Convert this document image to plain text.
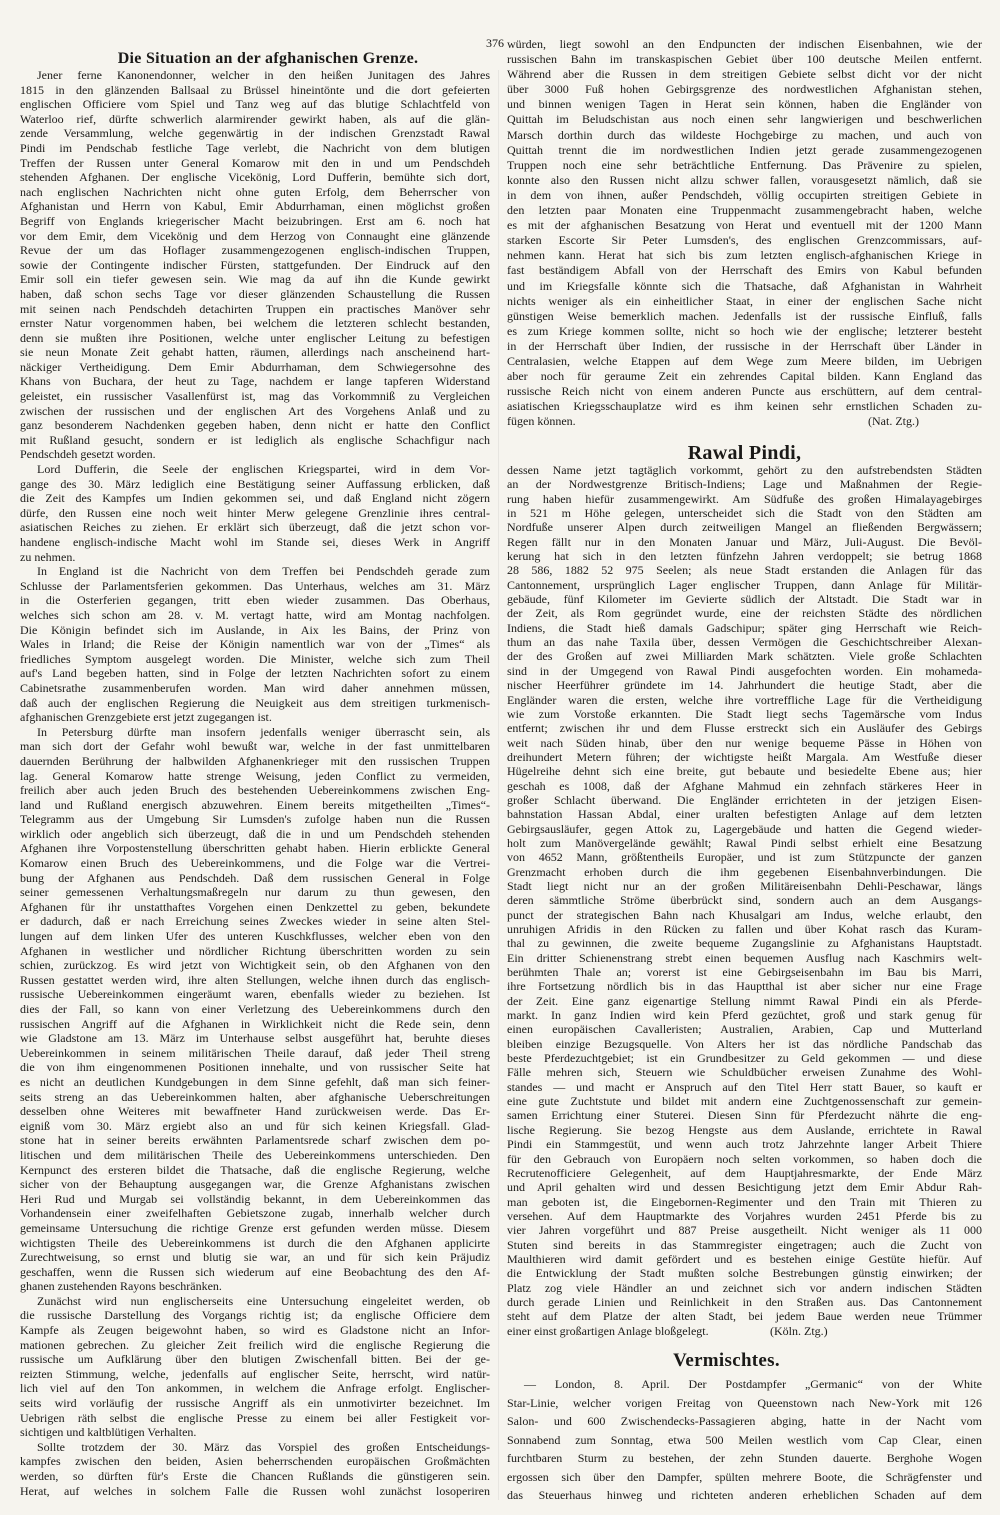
376
Die Situation an der afghanischen Grenze.
Jener ferne Kanonendonner, welcher in den heißen Junitagen des Jahres
1815 in den glänzenden Ballsaal zu Brüssel hineintönte und die dort gefeierten
englischen Officiere vom Spiel und Tanz weg auf das blutige Schlachtfeld von
Waterloo rief, dürfte schwerlich alarmirender gewirkt haben, als auf die glän-
zende Versammlung, welche gegenwärtig in der indischen Grenzstadt Rawal
Pindi im Pendschab festliche Tage verlebt, die Nachricht von dem blutigen
Treffen der Russen unter General Komarow mit den in und um Pendschdeh
stehenden Afghanen. Der englische Vicekönig, Lord Dufferin, bemühte sich dort,
nach englischen Nachrichten nicht ohne guten Erfolg, dem Beherrscher von
Afghanistan und Herrn von Kabul, Emir Abdurrhaman, einen möglichst großen
Begriff von Englands kriegerischer Macht beizubringen. Erst am 6. noch hat
vor dem Emir, dem Vicekönig und dem Herzog von Connaught eine glänzende
Revue der um das Hoflager zusammengezogenen englisch-indischen Truppen,
sowie der Contingente indischer Fürsten, stattgefunden. Der Eindruck auf den
Emir soll ein tiefer gewesen sein. Wie mag da auf ihn die Kunde gewirkt
haben, daß schon sechs Tage vor dieser glänzenden Schaustellung die Russen
mit seinen nach Pendschdeh detachirten Truppen ein practisches Manöver sehr
ernster Natur vorgenommen haben, bei welchem die letzteren schlecht bestanden,
denn sie mußten ihre Positionen, welche unter englischer Leitung zu befestigen
sie neun Monate Zeit gehabt hatten, räumen, allerdings nach anscheinend hart-
näckiger Vertheidigung. Dem Emir Abdurrhaman, dem Schwiegersohne des
Khans von Buchara, der heut zu Tage, nachdem er lange tapferen Widerstand
geleistet, ein russischer Vasallenfürst ist, mag das Vorkommniß zu Vergleichen
zwischen der russischen und der englischen Art des Vorgehens Anlaß und zu
ganz besonderem Nachdenken gegeben haben, denn nicht er hatte den Conflict
mit Rußland gesucht, sondern er ist lediglich als englische Schachfigur nach
Pendschdeh gesetzt worden.
Lord Dufferin, die Seele der englischen Kriegspartei, wird in dem Vor-
gange des 30. März lediglich eine Bestätigung seiner Auffassung erblicken, daß
die Zeit des Kampfes um Indien gekommen sei, und daß England nicht zögern
dürfe, den Russen eine noch weit hinter Merw gelegene Grenzlinie ihres central-
asiatischen Reiches zu ziehen. Er erklärt sich überzeugt, daß die jetzt schon vor-
handene englisch-indische Macht wohl im Stande sei, dieses Werk in Angriff
zu nehmen.
In England ist die Nachricht von dem Treffen bei Pendschdeh gerade zum
Schlusse der Parlamentsferien gekommen. Das Unterhaus, welches am 31. März
in die Osterferien gegangen, tritt eben wieder zusammen. Das Oberhaus,
welches sich schon am 28. v. M. vertagt hatte, wird am Montag nachfolgen.
Die Königin befindet sich im Auslande, in Aix les Bains, der Prinz von
Wales in Irland; die Reise der Königin namentlich war von der „Times“ als
friedliches Symptom ausgelegt worden. Die Minister, welche sich zum Theil
auf's Land begeben hatten, sind in Folge der letzten Nachrichten sofort zu einem
Cabinetsrathe zusammenberufen worden. Man wird daher annehmen müssen,
daß auch der englischen Regierung die Neuigkeit aus dem streitigen turkmenisch-
afghanischen Grenzgebiete erst jetzt zugegangen ist.
In Petersburg dürfte man insofern jedenfalls weniger überrascht sein, als
man sich dort der Gefahr wohl bewußt war, welche in der fast unmittelbaren
dauernden Berührung der halbwilden Afghanenkrieger mit den russischen Truppen
lag. General Komarow hatte strenge Weisung, jeden Conflict zu vermeiden,
freilich aber auch jeden Bruch des bestehenden Uebereinkommens zwischen Eng-
land und Rußland energisch abzuwehren. Einem bereits mitgetheilten „Times“-
Telegramm aus der Umgebung Sir Lumsden's zufolge haben nun die Russen
wirklich oder angeblich sich überzeugt, daß die in und um Pendschdeh stehenden
Afghanen ihre Vorpostenstellung überschritten gehabt haben. Hierin erblickte General
Komarow einen Bruch des Uebereinkommens, und die Folge war die Vertrei-
bung der Afghanen aus Pendschdeh. Daß dem russischen General in Folge
seiner gemessenen Verhaltungsmaßregeln nur darum zu thun gewesen, den
Afghanen für ihr unstatthaftes Vorgehen einen Denkzettel zu geben, bekundete
er dadurch, daß er nach Erreichung seines Zweckes wieder in seine alten Stel-
lungen auf dem linken Ufer des unteren Kuschkflusses, welcher eben von den
Afghanen in westlicher und nördlicher Richtung überschritten worden zu sein
schien, zurückzog. Es wird jetzt von Wichtigkeit sein, ob den Afghanen von den
Russen gestattet werden wird, ihre alten Stellungen, welche ihnen durch das englisch-
russische Uebereinkommen eingeräumt waren, ebenfalls wieder zu beziehen. Ist
dies der Fall, so kann von einer Verletzung des Uebereinkommens durch den
russischen Angriff auf die Afghanen in Wirklichkeit nicht die Rede sein, denn
wie Gladstone am 13. März im Unterhause selbst ausgeführt hat, beruhte dieses
Uebereinkommen in seinem militärischen Theile darauf, daß jeder Theil streng
die von ihm eingenommenen Positionen innehalte, und von russischer Seite hat
es nicht an deutlichen Kundgebungen in dem Sinne gefehlt, daß man sich feiner-
seits streng an das Uebereinkommen halten, aber afghanische Ueberschreitungen
desselben ohne Weiteres mit bewaffneter Hand zurückweisen werde. Das Er-
eigniß vom 30. März ergiebt also an und für sich keinen Kriegsfall. Glad-
stone hat in seiner bereits erwähnten Parlamentsrede scharf zwischen dem po-
litischen und dem militärischen Theile des Uebereinkommens unterschieden. Den
Kernpunct des ersteren bildet die Thatsache, daß die englische Regierung, welche
sicher von der Behauptung ausgegangen war, die Grenze Afghanistans zwischen
Heri Rud und Murgab sei vollständig bekannt, in dem Uebereinkommen das
Vorhandensein einer zweifelhaften Gebietszone zugab, innerhalb welcher durch
gemeinsame Untersuchung die richtige Grenze erst gefunden werden müsse. Diesem
wichtigsten Theile des Uebereinkommens ist durch die den Afghanen applicirte
Zurechtweisung, so ernst und blutig sie war, an und für sich kein Präjudiz
geschaffen, wenn die Russen sich wiederum auf eine Beobachtung des den Af-
ghanen zustehenden Rayons beschränken.
Zunächst wird nun englischerseits eine Untersuchung eingeleitet werden, ob
die russische Darstellung des Vorgangs richtig ist; da englische Officiere dem
Kampfe als Zeugen beigewohnt haben, so wird es Gladstone nicht an Infor-
mationen gebrechen. Zu gleicher Zeit freilich wird die englische Regierung die
russische um Aufklärung über den blutigen Zwischenfall bitten. Bei der ge-
reizten Stimmung, welche, jedenfalls auf englischer Seite, herrscht, wird natür-
lich viel auf den Ton ankommen, in welchem die Anfrage erfolgt. Englischer-
seits wird vorläufig der russische Angriff als ein unmotivirter bezeichnet. Im
Uebrigen räth selbst die englische Presse zu einem bei aller Festigkeit vor-
sichtigen und kaltblütigen Verhalten.
Sollte trotzdem der 30. März das Vorspiel des großen Entscheidungs-
kampfes zwischen den beiden, Asien beherrschenden europäischen Großmächten
werden, so dürften für's Erste die Chancen Rußlands die günstigeren sein.
Herat, auf welches in solchem Falle die Russen wohl zunächst losoperiren
würden, liegt sowohl an den Endpuncten der indischen Eisenbahnen, wie der
russischen Bahn im transkaspischen Gebiet über 100 deutsche Meilen entfernt.
Während aber die Russen in dem streitigen Gebiete selbst dicht vor der nicht
über 3000 Fuß hohen Gebirgsgrenze des nordwestlichen Afghanistan stehen,
und binnen wenigen Tagen in Herat sein können, haben die Engländer von
Quittah im Beludschistan aus noch einen sehr langwierigen und beschwerlichen
Marsch dorthin durch das wildeste Hochgebirge zu machen, und auch von
Quittah trennt die im nordwestlichen Indien jetzt gerade zusammengezogenen
Truppen noch eine sehr beträchtliche Entfernung. Das Prävenire zu spielen,
konnte also den Russen nicht allzu schwer fallen, vorausgesetzt nämlich, daß sie
in dem von ihnen, außer Pendschdeh, völlig occupirten streitigen Gebiete in
den letzten paar Monaten eine Truppenmacht zusammengebracht haben, welche
es mit der afghanischen Besatzung von Herat und eventuell mit der 1200 Mann
starken Escorte Sir Peter Lumsden's, des englischen Grenzcommissars, auf-
nehmen kann. Herat hat sich bis zum letzten englisch-afghanischen Kriege in
fast beständigem Abfall von der Herrschaft des Emirs von Kabul befunden
und im Kriegsfalle könnte sich die Thatsache, daß Afghanistan in Wahrheit
nichts weniger als ein einheitlicher Staat, in einer der englischen Sache nicht
günstigen Weise bemerklich machen. Jedenfalls ist der russische Einfluß, falls
es zum Kriege kommen sollte, nicht so hoch wie der englische; letzterer besteht
in der Herrschaft über Indien, der russische in der Herrschaft über Länder in
Centralasien, welche Etappen auf dem Wege zum Meere bilden, im Uebrigen
aber noch für geraume Zeit ein zehrendes Capital bilden. Kann England das
russische Reich nicht von einem anderen Puncte aus erschüttern, auf dem central-
asiatischen Kriegsschauplatze wird es ihm keinen sehr ernstlichen Schaden zu-
fügen können.	(Nat. Ztg.)
Rawal Pindi,
dessen Name jetzt tagtäglich vorkommt, gehört zu den aufstrebendsten Städten
an der Nordwestgrenze Britisch-Indiens; Lage und Maßnahmen der Regie-
rung haben hiefür zusammengewirkt. Am Südfuße des großen Himalayagebirges
in 521 m Höhe gelegen, unterscheidet sich die Stadt von den Städten am
Nordfuße unserer Alpen durch zeitweiligen Mangel an fließenden Bergwässern;
Regen fällt nur in den Monaten Januar und März, Juli-August. Die Bevöl-
kerung hat sich in den letzten fünfzehn Jahren verdoppelt; sie betrug 1868
28 586, 1882 52 975 Seelen; als neue Stadt erstanden die Anlagen für das
Cantonnement, ursprünglich Lager englischer Truppen, dann Anlage für Militär-
gebäude, fünf Kilometer im Gevierte südlich der Altstadt. Die Stadt war in
der Zeit, als Rom gegründet wurde, eine der reichsten Städte des nördlichen
Indiens, die Stadt hieß damals Gadschipur; später ging Herrschaft wie Reich-
thum an das nahe Taxila über, dessen Vermögen die Geschichtschreiber Alexan-
der des Großen auf zwei Milliarden Mark schätzten. Viele große Schlachten
sind in der Umgegend von Rawal Pindi ausgefochten worden. Ein mohameda-
nischer Heerführer gründete im 14. Jahrhundert die heutige Stadt, aber die
Engländer waren die ersten, welche ihre vortreffliche Lage für die Vertheidigung
wie zum Vorstoße erkannten. Die Stadt liegt sechs Tagemärsche vom Indus
entfernt; zwischen ihr und dem Flusse erstreckt sich ein Ausläufer des Gebirgs
weit nach Süden hinab, über den nur wenige bequeme Pässe in Höhen von
dreihundert Metern führen; der wichtigste heißt Margala. Am Westfuße dieser
Hügelreihe dehnt sich eine breite, gut bebaute und besiedelte Ebene aus; hier
geschah es 1008, daß der Afghane Mahmud ein zehnfach stärkeres Heer in
großer Schlacht überwand. Die Engländer errichteten in der jetzigen Eisen-
bahnstation Hassan Abdal, einer uralten befestigten Anlage auf dem letzten
Gebirgsausläufer, gegen Attok zu, Lagergebäude und hatten die Gegend wieder-
holt zum Manövergelände gewählt; Rawal Pindi selbst erhielt eine Besatzung
von 4652 Mann, größtentheils Europäer, und ist zum Stützpuncte der ganzen
Grenzmacht erhoben durch die ihm gegebenen Eisenbahnverbindungen. Die
Stadt liegt nicht nur an der großen Militäreisenbahn Dehli-Peschawar, längs
deren sämmtliche Ströme überbrückt sind, sondern auch an dem Ausgangs-
punct der strategischen Bahn nach Khusalgari am Indus, welche erlaubt, den
unruhigen Afridis in den Rücken zu fallen und über Kohat rasch das Kuram-
thal zu gewinnen, die zweite bequeme Zugangslinie zu Afghanistans Hauptstadt.
Ein dritter Schienenstrang strebt einen bequemen Ausflug nach Kaschmirs welt-
berühmten Thale an; vorerst ist eine Gebirgseisenbahn im Bau bis Marri,
ihre Fortsetzung nördlich bis in das Hauptthal ist aber sicher nur eine Frage
der Zeit. Eine ganz eigenartige Stellung nimmt Rawal Pindi ein als Pferde-
markt. In ganz Indien wird kein Pferd gezüchtet, groß und stark genug für
einen europäischen Cavalleristen; Australien, Arabien, Cap und Mutterland
bleiben einzige Bezugsquelle. Von Alters her ist das nördliche Pandschab das
beste Pferdezuchtgebiet; ist ein Grundbesitzer zu Geld gekommen — und diese
Fälle mehren sich, Steuern wie Schuldbücher erweisen Zunahme des Wohl-
standes — und macht er Anspruch auf den Titel Herr statt Bauer, so kauft er
eine gute Zuchtstute und bildet mit andern eine Zuchtgenossenschaft zur gemein-
samen Errichtung einer Stuterei. Diesen Sinn für Pferdezucht nährte die eng-
lische Regierung. Sie bezog Hengste aus dem Auslande, errichtete in Rawal
Pindi ein Stammgestüt, und wenn auch trotz Jahrzehnte langer Arbeit Thiere
für den Gebrauch von Europäern noch selten vorkommen, so haben doch die
Recrutenofficiere Gelegenheit, auf dem Hauptjahresmarkte, der Ende März
und April gehalten wird und dessen Besichtigung jetzt dem Emir Abdur Rah-
man geboten ist, die Eingebornen-Regimenter und den Train mit Thieren zu
versehen. Auf dem Hauptmarkte des Vorjahres wurden 2451 Pferde bis zu
vier Jahren vorgeführt und 887 Preise ausgetheilt. Nicht weniger als 11 000
Stuten sind bereits in das Stammregister eingetragen; auch die Zucht von
Maulthieren wird damit gefördert und es bestehen einige Gestüte hiefür. Auf
die Entwicklung der Stadt mußten solche Bestrebungen günstig einwirken; der
Platz zog viele Händler an und zeichnet sich vor andern indischen Städten
durch gerade Linien und Reinlichkeit in den Straßen aus. Das Cantonnement
steht auf dem Platze der alten Stadt, bei jedem Baue werden neue Trümmer
einer einst großartigen Anlage bloßgelegt.	(Köln. Ztg.)
Vermischtes.
— London, 8. April. Der Postdampfer „Germanic“ von der White
Star-Linie, welcher vorigen Freitag von Queenstown nach New-York mit 126
Salon- und 600 Zwischendecks-Passagieren abging, hatte in der Nacht vom
Sonnabend zum Sonntag, etwa 500 Meilen westlich vom Cap Clear, einen
furchtbaren Sturm zu bestehen, der zehn Stunden dauerte. Berghohe Wogen
ergossen sich über den Dampfer, spülten mehrere Boote, die Schrägfenster und
das Steuerhaus hinweg und richteten anderen erheblichen Schaden auf dem
